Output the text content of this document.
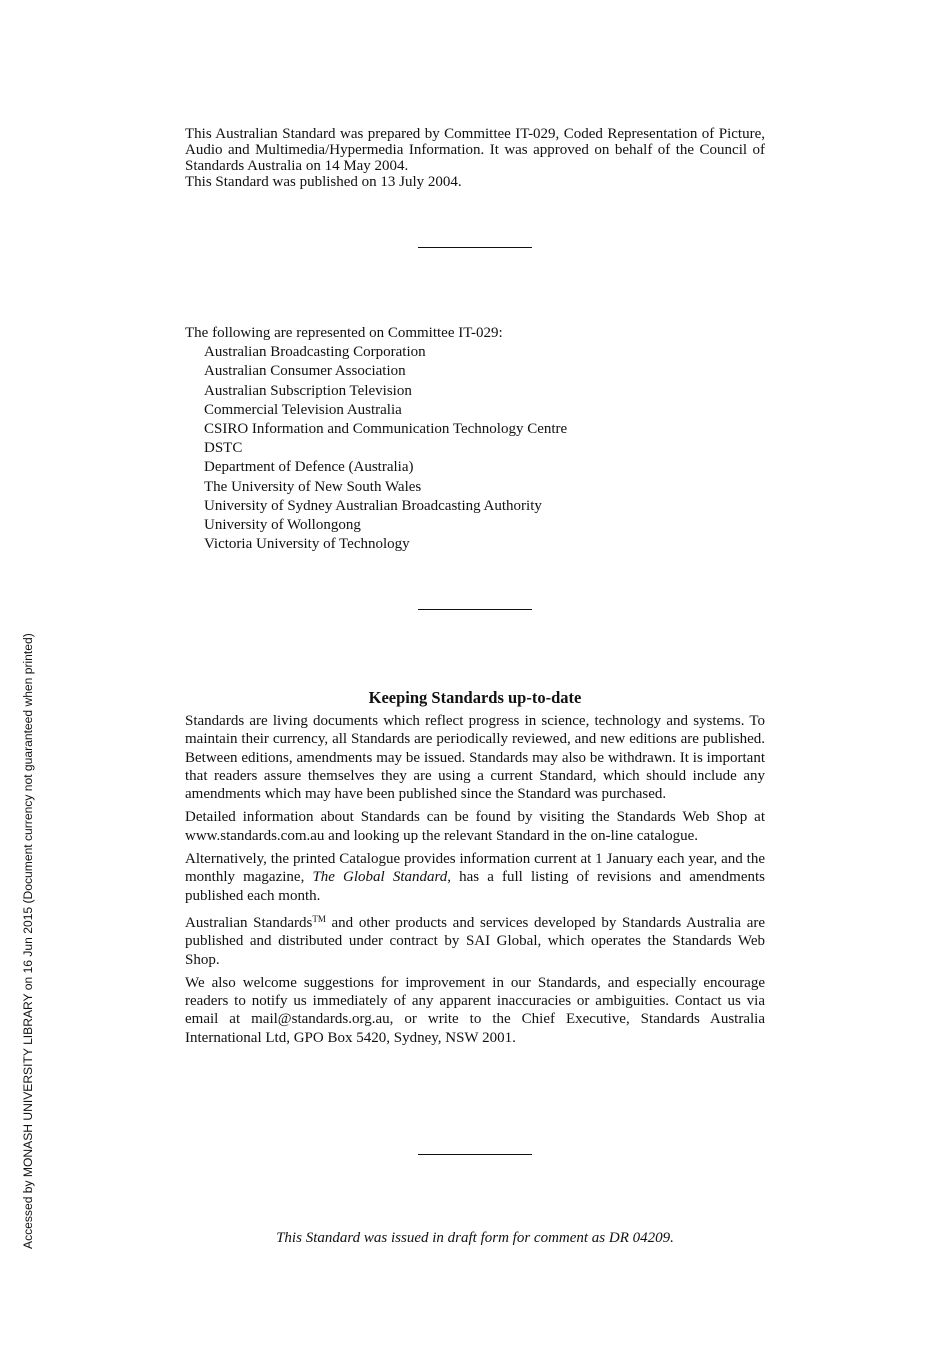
Accessed by MONASH UNIVERSITY LIBRARY on 16 Jun 2015 (Document currency not guaranteed when printed)

This Australian Standard was prepared by Committee IT-029, Coded Representation of Picture, Audio and Multimedia/Hypermedia Information. It was approved on behalf of the Council of Standards Australia on 14 May 2004.

This Standard was published on 13 July 2004.

The following are represented on Committee IT-029:
Australian Broadcasting Corporation
Australian Consumer Association
Australian Subscription Television
Commercial Television Australia
CSIRO Information and Communication Technology Centre
DSTC
Department of Defence (Australia)
The University of New South Wales
University of Sydney Australian Broadcasting Authority
University of Wollongong
Victoria University of Technology
Keeping Standards up-to-date

Standards are living documents which reflect progress in science, technology and systems. To maintain their currency, all Standards are periodically reviewed, and new editions are published. Between editions, amendments may be issued. Standards may also be withdrawn. It is important that readers assure themselves they are using a current Standard, which should include any amendments which may have been published since the Standard was purchased.

Detailed information about Standards can be found by visiting the Standards Web Shop at www.standards.com.au and looking up the relevant Standard in the on-line catalogue.

Alternatively, the printed Catalogue provides information current at 1 January each year, and the monthly magazine, The Global Standard, has a full listing of revisions and amendments published each month.

Australian Standards™ and other products and services developed by Standards Australia are published and distributed under contract by SAI Global, which operates the Standards Web Shop.

We also welcome suggestions for improvement in our Standards, and especially encourage readers to notify us immediately of any apparent inaccuracies or ambiguities. Contact us via email at mail@standards.org.au, or write to the Chief Executive, Standards Australia International Ltd, GPO Box 5420, Sydney, NSW 2001.

This Standard was issued in draft form for comment as DR 04209.
